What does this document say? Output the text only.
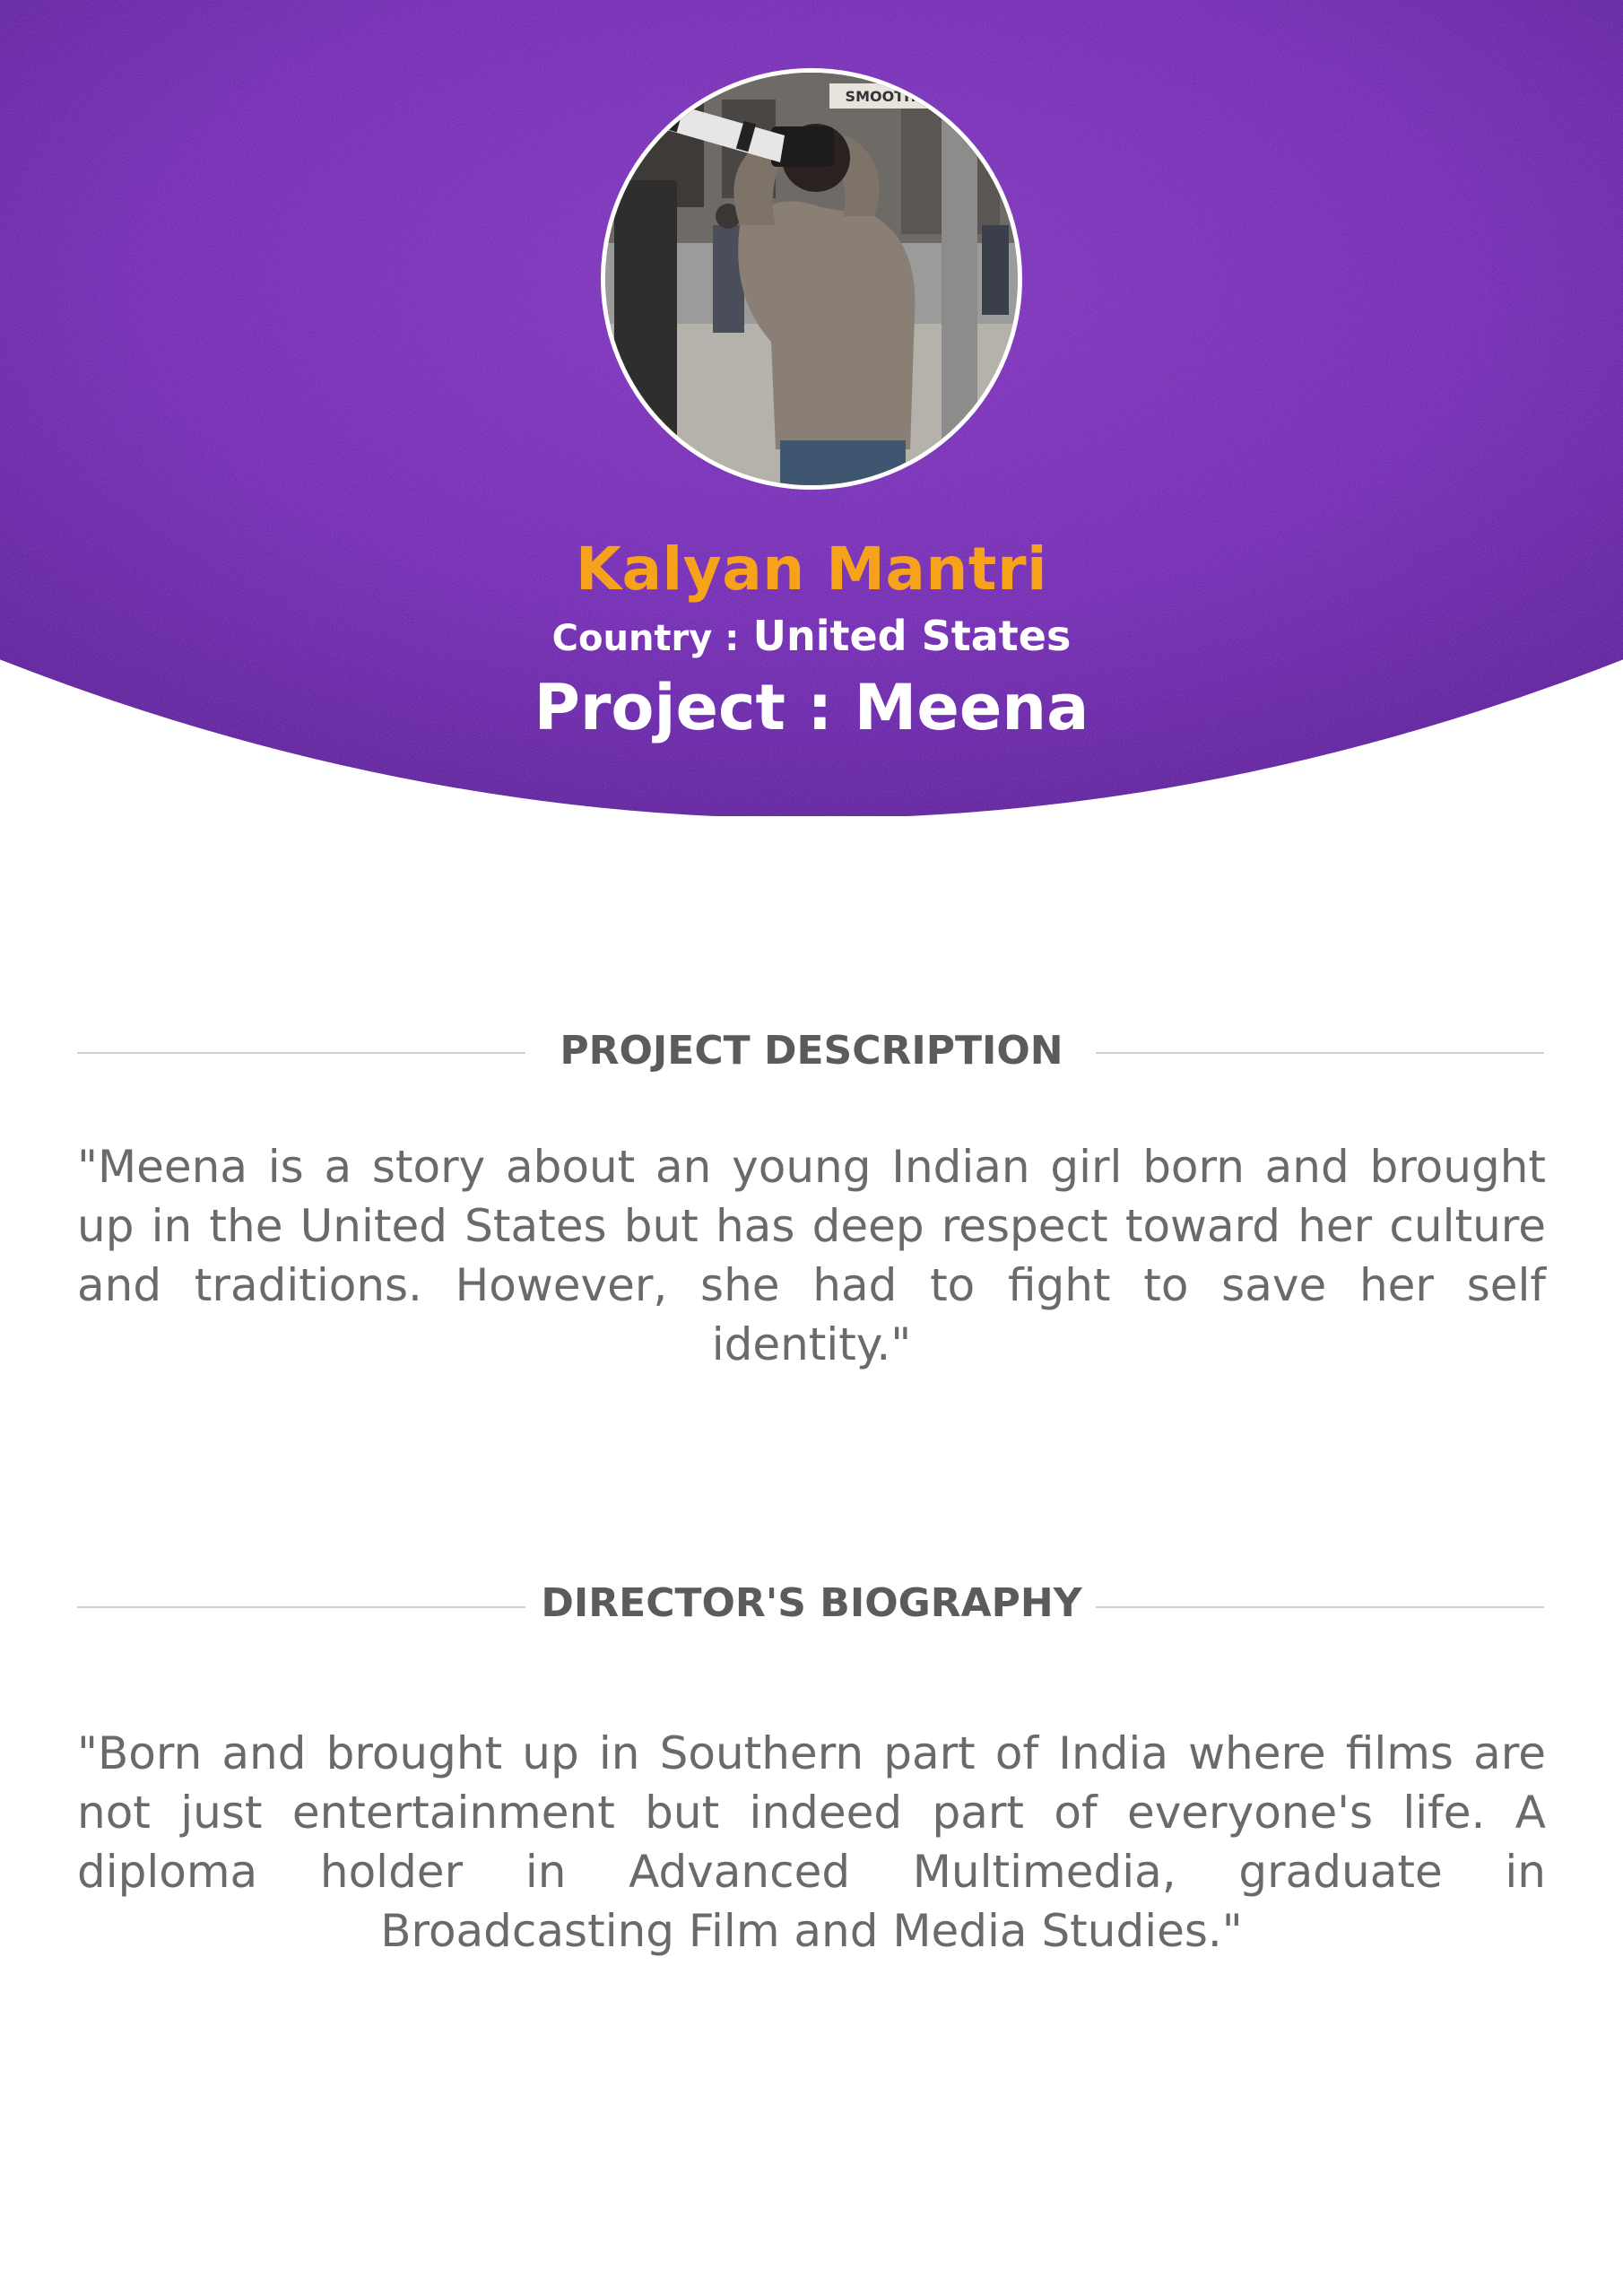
SMOOTHI
Kalyan Mantri
Country : United States
Project : Meena
PROJECT DESCRIPTION
"Meena is a story about an young Indian girl born and brought up in the United States but has deep respect toward her culture and traditions. However, she had to fight to save her self identity."
DIRECTOR'S BIOGRAPHY
"Born and brought up in Southern part of India where films are not just entertainment but indeed part of everyone's life. A diploma holder in Advanced Multimedia, graduate in Broadcasting Film and Media Studies."
